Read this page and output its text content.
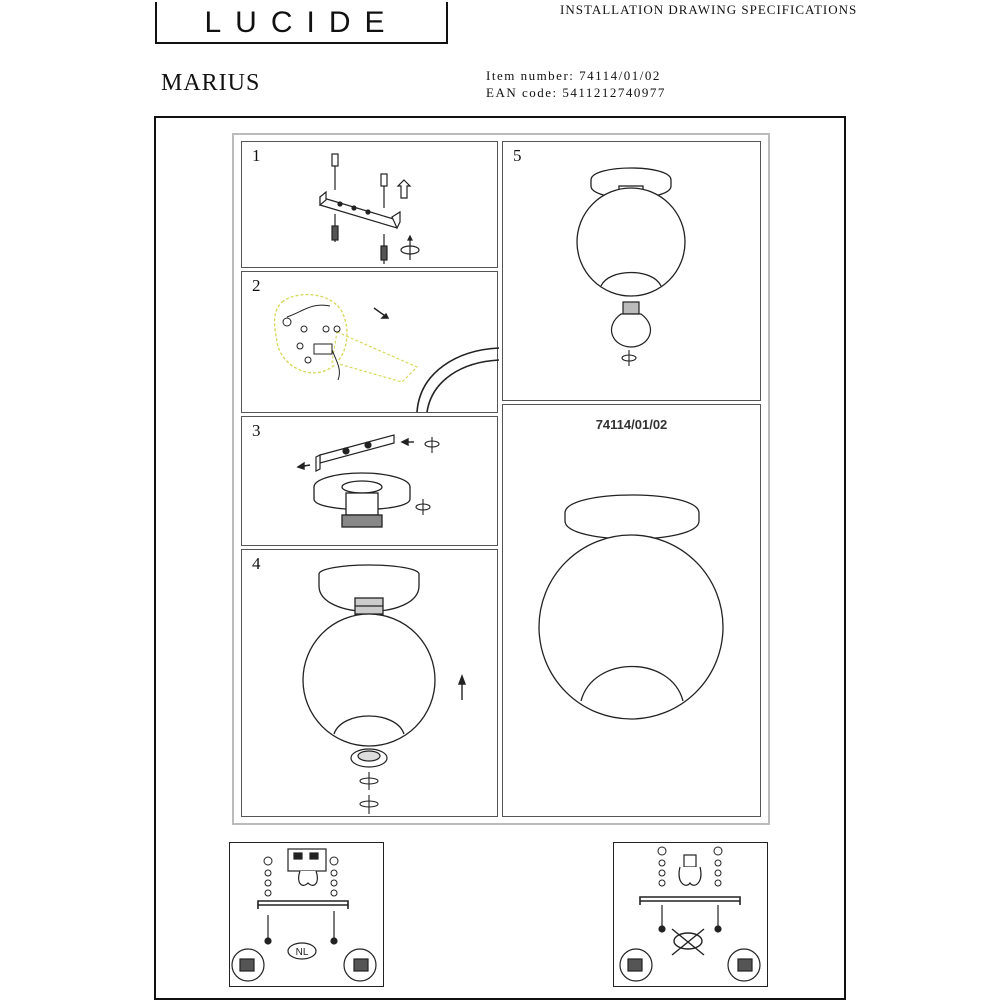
LUCIDE	INSTALLATION DRAWING SPECIFICATIONS
MARIUS	Item number: 74114/01/02
EAN code: 5411212740977
1
2
3
4
5
74114/01/02
NL
